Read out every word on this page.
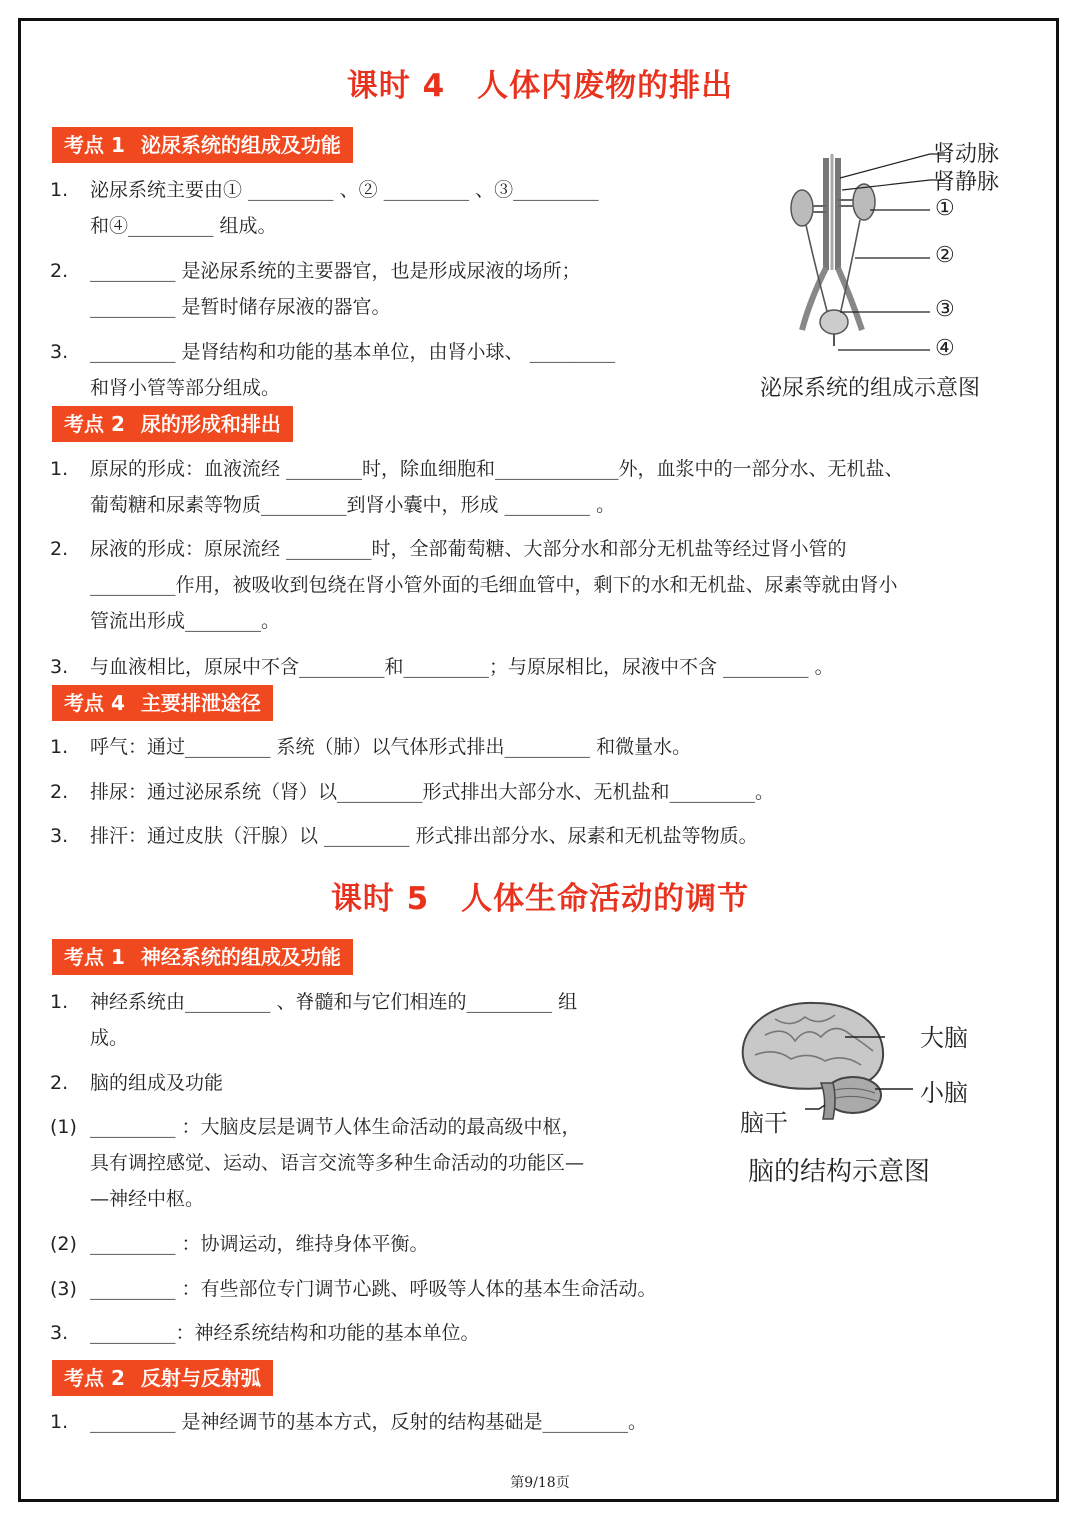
课时 4　人体内废物的排出
考点 1 泌尿系统的组成及功能
1. 泌尿系统主要由① _________ 、② _________ 、③_________
和④_________ 组成。
2. _________ 是泌尿系统的主要器官，也是形成尿液的场所；
_________ 是暂时储存尿液的器官。
3. _________ 是肾结构和功能的基本单位，由肾小球、 _________
和肾小管等部分组成。
肾动脉
肾静脉
①
②
③
④
泌尿系统的组成示意图
考点 2 尿的形成和排出
1. 原尿的形成：血液流经 ________时，除血细胞和_____________外，血浆中的一部分水、无机盐、
葡萄糖和尿素等物质_________到肾小囊中，形成 _________ 。
2. 尿液的形成：原尿流经 _________时，全部葡萄糖、大部分水和部分无机盐等经过肾小管的
_________作用，被吸收到包绕在肾小管外面的毛细血管中，剩下的水和无机盐、尿素等就由肾小
管流出形成________。
3. 与血液相比，原尿中不含_________和_________；与原尿相比，尿液中不含 _________ 。
考点 4 主要排泄途径
1. 呼气：通过_________ 系统（肺）以气体形式排出_________ 和微量水。
2. 排尿：通过泌尿系统（肾）以_________形式排出大部分水、无机盐和_________。
3. 排汗：通过皮肤（汗腺）以 _________ 形式排出部分水、尿素和无机盐等物质。
课时 5　人体生命活动的调节
考点 1 神经系统的组成及功能
1. 神经系统由_________ 、脊髓和与它们相连的_________ 组
成。
2. 脑的组成及功能
(1) _________ ：大脑皮层是调节人体生命活动的最高级中枢，
具有调控感觉、运动、语言交流等多种生命活动的功能区—
—神经中枢。
(2) _________ ：协调运动，维持身体平衡。
(3) _________ ：有些部位专门调节心跳、呼吸等人体的基本生命活动。
3. _________：神经系统结构和功能的基本单位。
大脑
小脑
脑干
脑的结构示意图
考点 2 反射与反射弧
1. _________ 是神经调节的基本方式，反射的结构基础是_________。
第9/18页
